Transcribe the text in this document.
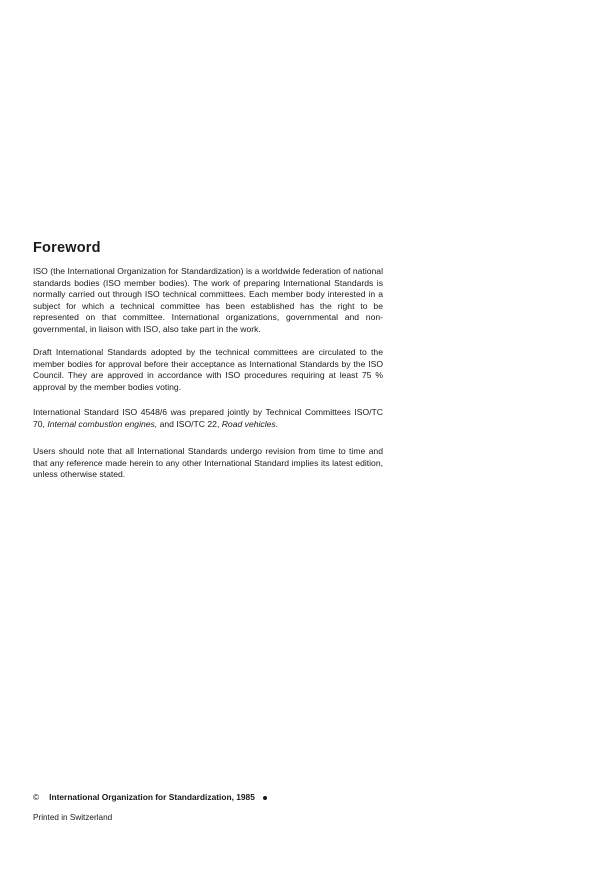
Foreword

ISO (the International Organization for Standardization) is a worldwide federation of national standards bodies (ISO member bodies). The work of preparing International Standards is normally carried out through ISO technical committees. Each member body interested in a subject for which a technical committee has been established has the right to be represented on that committee. International organizations, governmental and non-governmental, in liaison with ISO, also take part in the work.

Draft International Standards adopted by the technical committees are circulated to the member bodies for approval before their acceptance as International Standards by the ISO Council. They are approved in accordance with ISO procedures requiring at least 75 % approval by the member bodies voting.

International Standard ISO 4548/6 was prepared jointly by Technical Committees ISO/TC 70, Internal combustion engines, and ISO/TC 22, Road vehicles.

Users should note that all International Standards undergo revision from time to time and that any reference made herein to any other International Standard implies its latest edition, unless otherwise stated.

© International Organization for Standardization, 1985
Printed in Switzerland
